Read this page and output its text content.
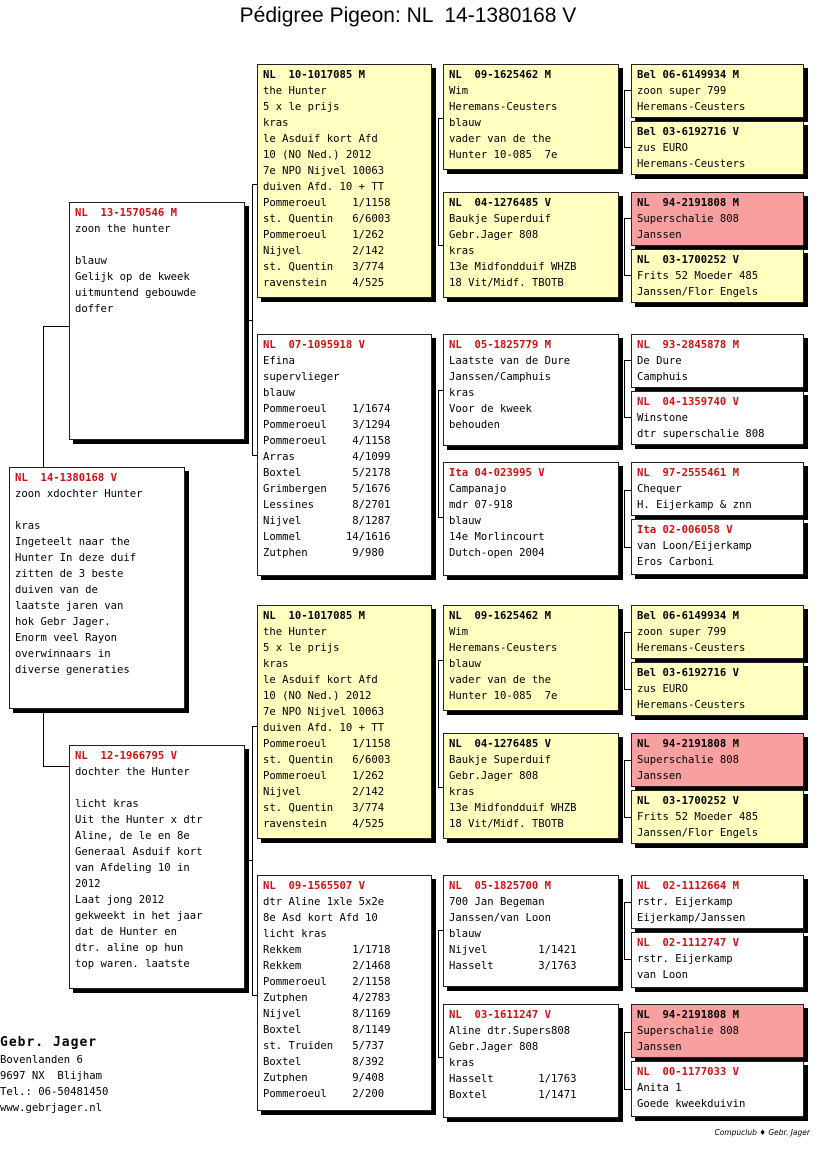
Pédigree Pigeon: NL  14-1380168 V
NL  14-1380168 V
zoon xdochter Hunter
kras
Ingeteelt naar the
Hunter In deze duif
zitten de 3 beste
duiven van de
laatste jaren van
hok Gebr Jager.
Enorm veel Rayon
overwinnaars in
diverse generaties
NL  13-1570546 M
zoon the hunter
blauw
Gelijk op de kweek
uitmuntend gebouwde
doffer
NL  12-1966795 V
dochter the Hunter
licht kras
Uit the Hunter x dtr
Aline, de le en 8e
Generaal Asduif kort
van Afdeling 10 in
2012
Laat jong 2012
gekweekt in het jaar
dat de Hunter en
dtr. aline op hun
top waren. laatste
NL  10-1017085 M
the Hunter
5 x le prijs
kras
le Asduif kort Afd
10 (NO Ned.) 2012
7e NPO Nijvel 10063
duiven Afd. 10 + TT
Pommeroeul    1/1158
st. Quentin   6/6003
Pommeroeul    1/262
Nijvel        2/142
st. Quentin   3/774
ravenstein    4/525
NL  07-1095918 V
Efina
supervlieger
blauw
Pommeroeul    1/1674
Pommeroeul    3/1294
Pommeroeul    4/1158
Arras         4/1099
Boxtel        5/2178
Grimbergen    5/1676
Lessines      8/2701
Nijvel        8/1287
Lommel       14/1616
Zutphen       9/980
NL  10-1017085 M
the Hunter
5 x le prijs
kras
le Asduif kort Afd
10 (NO Ned.) 2012
7e NPO Nijvel 10063
duiven Afd. 10 + TT
Pommeroeul    1/1158
st. Quentin   6/6003
Pommeroeul    1/262
Nijvel        2/142
st. Quentin   3/774
ravenstein    4/525
NL  09-1565507 V
dtr Aline 1xle 5x2e
8e Asd kort Afd 10
licht kras
Rekkem        1/1718
Rekkem        2/1468
Pommeroeul    2/1158
Zutphen       4/2783
Nijvel        8/1169
Boxtel        8/1149
st. Truiden   5/737
Boxtel        8/392
Zutphen       9/408
Pommeroeul    2/200
NL  09-1625462 M
Wim
Heremans-Ceusters
blauw
vader van de the
Hunter 10-085  7e
NL  04-1276485 V
Baukje Superduif
Gebr.Jager 808
kras
13e Midfondduif WHZB
18 Vit/Midf. TBOTB
NL  05-1825779 M
Laatste van de Dure
Janssen/Camphuis
kras
Voor de kweek
behouden
Ita 04-023995 V
Campanajo
mdr 07-918
blauw
14e Morlincourt
Dutch-open 2004
NL  09-1625462 M
Wim
Heremans-Ceusters
blauw
vader van de the
Hunter 10-085  7e
NL  04-1276485 V
Baukje Superduif
Gebr.Jager 808
kras
13e Midfondduif WHZB
18 Vit/Midf. TBOTB
NL  05-1825700 M
700 Jan Begeman
Janssen/van Loon
blauw
Nijvel        1/1421
Hasselt       3/1763
NL  03-1611247 V
Aline dtr.Supers808
Gebr.Jager 808
kras
Hasselt       1/1763
Boxtel        1/1471
Bel 06-6149934 M
zoon super 799
Heremans-Ceusters
Bel 03-6192716 V
zus EURO
Heremans-Ceusters
NL  94-2191808 M
Superschalie 808
Janssen
NL  03-1700252 V
Frits 52 Moeder 485
Janssen/Flor Engels
NL  93-2845878 M
De Dure
Camphuis
NL  04-1359740 V
Winstone
dtr superschalie 808
NL  97-2555461 M
Chequer
H. Eijerkamp & znn
Ita 02-006058 V
van Loon/Eijerkamp
Eros Carboni
Bel 06-6149934 M
zoon super 799
Heremans-Ceusters
Bel 03-6192716 V
zus EURO
Heremans-Ceusters
NL  94-2191808 M
Superschalie 808
Janssen
NL  03-1700252 V
Frits 52 Moeder 485
Janssen/Flor Engels
NL  02-1112664 M
rstr. Eijerkamp
Eijerkamp/Janssen
NL  02-1112747 V
rstr. Eijerkamp
van Loon
NL  94-2191808 M
Superschalie 808
Janssen
NL  00-1177033 V
Anita 1
Goede kweekduivin
Gebr. Jager
Bovenlanden 6
9697 NX  Blijham
Tel.: 06-50481450
www.gebrjager.nl
Compuclub ♦ Gebr. Jager
